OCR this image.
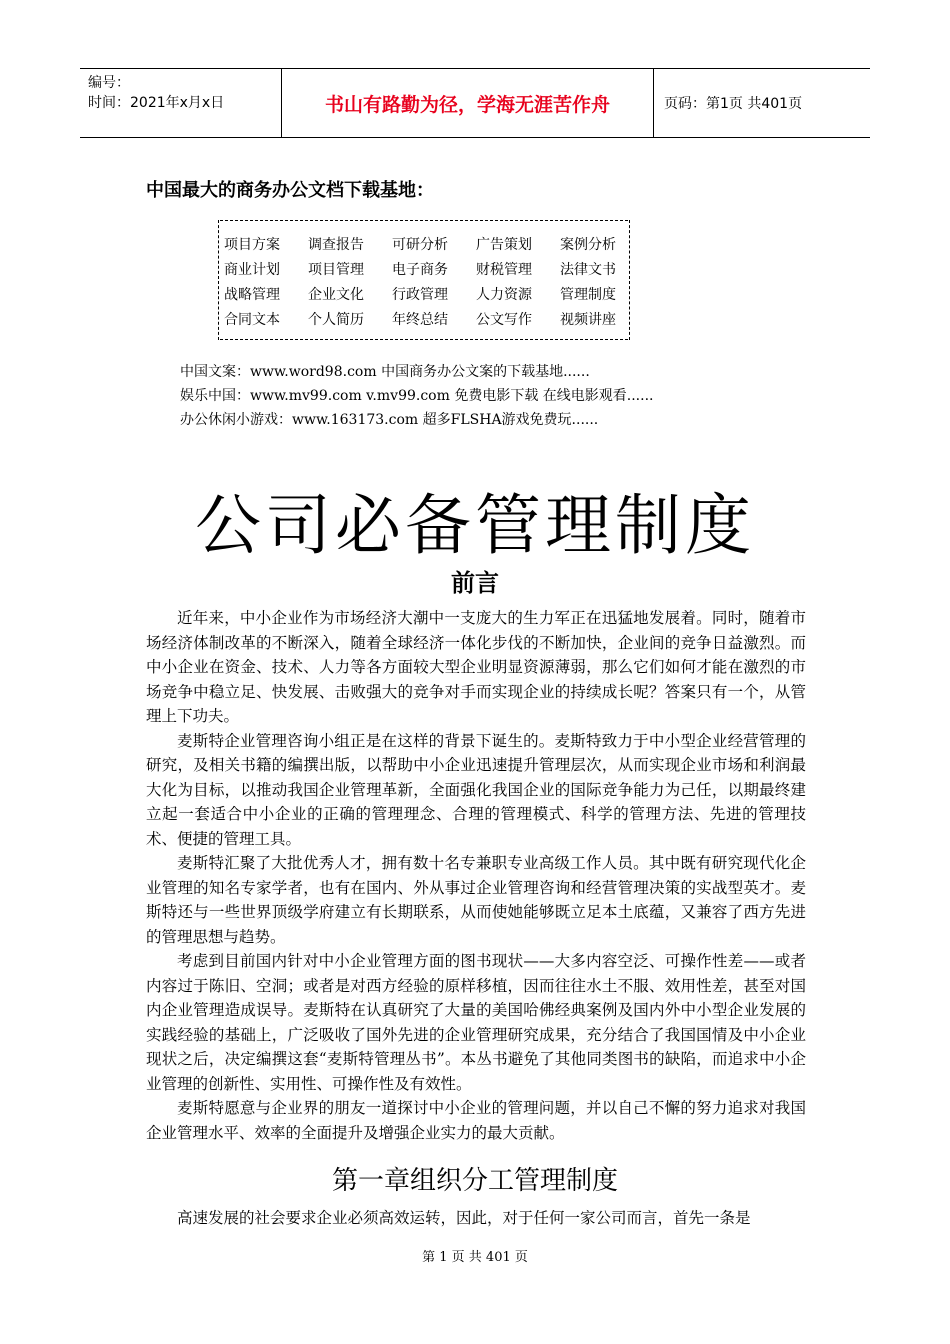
编号：
时间：2021年x月x日	书山有路勤为径，学海无涯苦作舟	页码：第1页 共401页
中国最大的商务办公文档下载基地：
项目方案	调查报告	可研分析	广告策划	案例分析
商业计划	项目管理	电子商务	财税管理	法律文书
战略管理	企业文化	行政管理	人力资源	管理制度
合同文本	个人简历	年终总结	公文写作	视频讲座
中国文案：www.word98.com 中国商务办公文案的下载基地......
娱乐中国：www.mv99.com v.mv99.com 免费电影下载 在线电影观看......
办公休闲小游戏：www.163173.com 超多FLSHA游戏免费玩......
公司必备管理制度
前言

近年来，中小企业作为市场经济大潮中一支庞大的生力军正在迅猛地发展着。同时，随着市场经济体制改革的不断深入，随着全球经济一体化步伐的不断加快，企业间的竞争日益激烈。而中小企业在资金、技术、人力等各方面较大型企业明显资源薄弱，那么它们如何才能在激烈的市场竞争中稳立足、快发展、击败强大的竞争对手而实现企业的持续成长呢？答案只有一个，从管理上下功夫。

麦斯特企业管理咨询小组正是在这样的背景下诞生的。麦斯特致力于中小型企业经营管理的研究，及相关书籍的编撰出版，以帮助中小企业迅速提升管理层次，从而实现企业市场和利润最大化为目标，以推动我国企业管理革新，全面强化我国企业的国际竞争能力为己任，以期最终建立起一套适合中小企业的正确的管理理念、合理的管理模式、科学的管理方法、先进的管理技术、便捷的管理工具。

麦斯特汇聚了大批优秀人才，拥有数十名专兼职专业高级工作人员。其中既有研究现代化企业管理的知名专家学者，也有在国内、外从事过企业管理咨询和经营管理决策的实战型英才。麦斯特还与一些世界顶级学府建立有长期联系，从而使她能够既立足本土底蕴，又兼容了西方先进的管理思想与趋势。

考虑到目前国内针对中小企业管理方面的图书现状——大多内容空泛、可操作性差——或者内容过于陈旧、空洞；或者是对西方经验的原样移植，因而往往水土不服、效用性差，甚至对国内企业管理造成误导。麦斯特在认真研究了大量的美国哈佛经典案例及国内外中小型企业发展的实践经验的基础上，广泛吸收了国外先进的企业管理研究成果，充分结合了我国国情及中小企业现状之后，决定编撰这套“麦斯特管理丛书”。本丛书避免了其他同类图书的缺陷，而追求中小企业管理的创新性、实用性、可操作性及有效性。

麦斯特愿意与企业界的朋友一道探讨中小企业的管理问题，并以自己不懈的努力追求对我国企业管理水平、效率的全面提升及增强企业实力的最大贡献。

第一章组织分工管理制度

高速发展的社会要求企业必须高效运转，因此，对于任何一家公司而言，首先一条是

第 1 页 共 401 页
